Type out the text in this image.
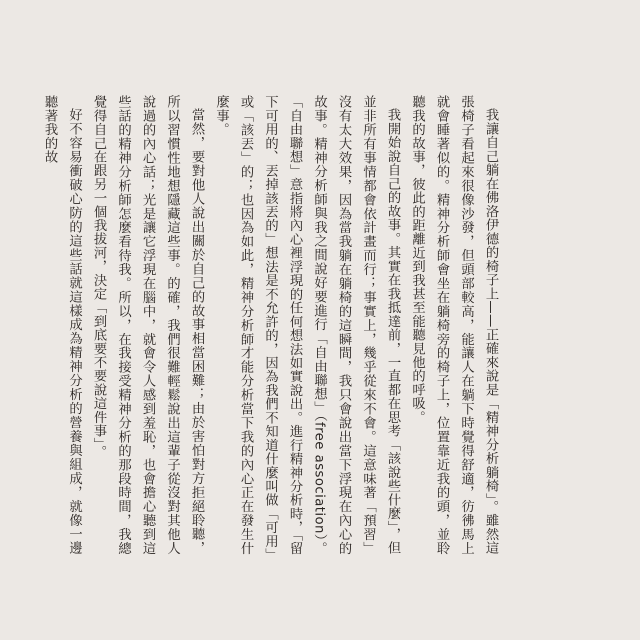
我讓自己躺在佛洛伊德的椅子上——正確來說是「精神分析躺椅」。雖然這張椅子看起來很像沙發，但頭部較高，能讓人在躺下時覺得舒適，彷彿馬上就會睡著似的。精神分析師會坐在躺椅旁的椅子上，位置靠近我的頭，並聆聽我的故事，彼此的距離近到我甚至能聽見他的呼吸。

我開始說自己的故事。其實在我抵達前，一直都在思考「該說些什麼」，但並非所有事情都會依計畫而行；事實上，幾乎從來不會。這意味著「預習」沒有太大效果，因為當我躺在躺椅的這瞬間，我只會說出當下浮現在內心的故事。精神分析師與我之間說好要進行「自由聯想」（free association）。「自由聯想」意指將內心裡浮現的任何想法如實說出。進行精神分析時，「留下可用的、丟掉該丟的」想法是不允許的，因為我們不知道什麼叫做「可用」或「該丟」的；也因為如此，精神分析師才能分析當下我的內心正在發生什麼事。

當然，要對他人說出關於自己的故事相當困難；由於害怕對方拒絕聆聽，所以習慣性地想隱藏這些事。的確，我們很難輕鬆說出這輩子從沒對其他人說過的內心話；光是讓它浮現在腦中，就會令人感到羞恥，也會擔心聽到這些話的精神分析師怎麼看待我。所以，在我接受精神分析的那段時間，我總覺得自己在跟另一個我拔河，決定「到底要不要說這件事」。

好不容易衝破心防的這些話就這樣成為精神分析的營養與組成，就像一邊聽著我的故
